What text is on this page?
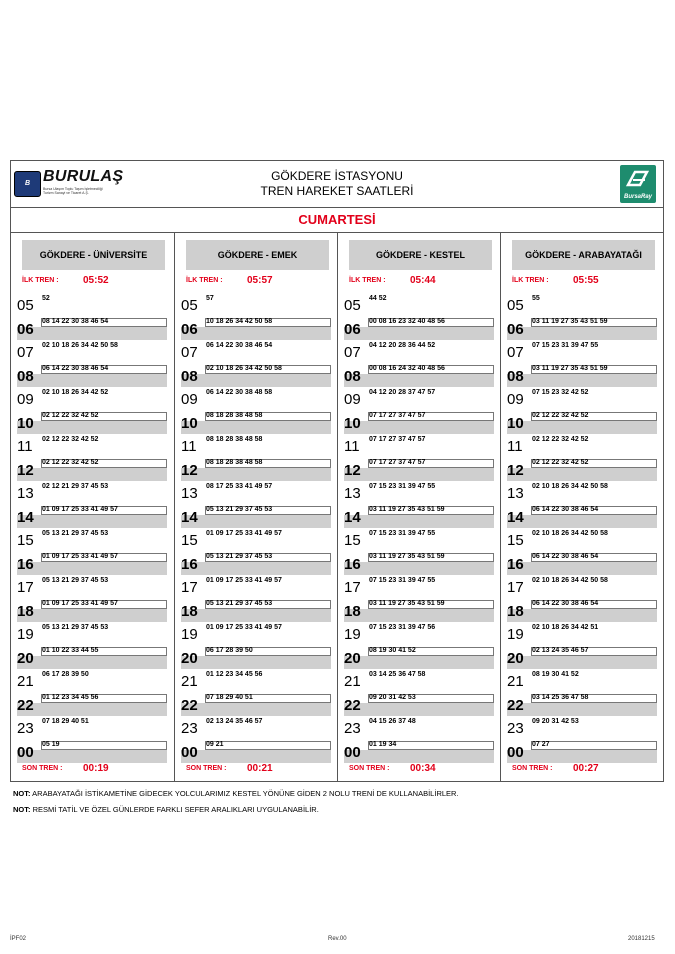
B BURULAŞ
Bursa Ulaşım Toplu Taşım İşletmeciliği Turizm Sanayi ve Ticaret A.Ş.
GÖKDERE İSTASYONU
TREN HAREKET SAATLERİ	BursaRay
CUMARTESİ
GÖKDERE - ÜNİVERSİTE
İLK TREN : 05:52
05	52
06	08 14 22 30 38 46 54
07	02 10 18 26 34 42 50 58
08	06 14 22 30 38 46 54
09	02 10 18 26 34 42 52
10	02 12 22 32 42 52
11	02 12 22 32 42 52
12	02 12 22 32 42 52
13	02 12 21 29 37 45 53
14	01 09 17 25 33 41 49 57
15	05 13 21 29 37 45 53
16	01 09 17 25 33 41 49 57
17	05 13 21 29 37 45 53
18	01 09 17 25 33 41 49 57
19	05 13 21 29 37 45 53
20	01 10 22 33 44 55
21	06 17 28 39 50
22	01 12 23 34 45 56
23	07 18 29 40 51
00	05 19
SON TREN : 00:19
GÖKDERE - EMEK
İLK TREN : 05:57
05	57
06	10 18 26 34 42 50 58
07	06 14 22 30 38 46 54
08	02 10 18 26 34 42 50 58
09	06 14 22 30 38 48 58
10	08 18 28 38 48 58
11	08 18 28 38 48 58
12	08 18 28 38 48 58
13	08 17 25 33 41 49 57
14	05 13 21 29 37 45 53
15	01 09 17 25 33 41 49 57
16	05 13 21 29 37 45 53
17	01 09 17 25 33 41 49 57
18	05 13 21 29 37 45 53
19	01 09 17 25 33 41 49 57
20	06 17 28 39 50
21	01 12 23 34 45 56
22	07 18 29 40 51
23	02 13 24 35 46 57
00	09 21
SON TREN : 00:21
GÖKDERE - KESTEL
İLK TREN : 05:44
05	44 52
06	00 08 16 23 32 40 48 56
07	04 12 20 28 36 44 52
08	00 08 16 24 32 40 48 56
09	04 12 20 28 37 47 57
10	07 17 27 37 47 57
11	07 17 27 37 47 57
12	07 17 27 37 47 57
13	07 15 23 31 39 47 55
14	03 11 19 27 35 43 51 59
15	07 15 23 31 39 47 55
16	03 11 19 27 35 43 51 59
17	07 15 23 31 39 47 55
18	03 11 19 27 35 43 51 59
19	07 15 23 31 39 47 56
20	08 19 30 41 52
21	03 14 25 36 47 58
22	09 20 31 42 53
23	04 15 26 37 48
00	01 19 34
SON TREN : 00:34
GÖKDERE - ARABAYATAĞI
İLK TREN : 05:55
05	55
06	03 11 19 27 35 43 51 59
07	07 15 23 31 39 47 55
08	03 11 19 27 35 43 51 59
09	07 15 23 32 42 52
10	02 12 22 32 42 52
11	02 12 22 32 42 52
12	02 12 22 32 42 52
13	02 10 18 26 34 42 50 58
14	06 14 22 30 38 46 54
15	02 10 18 26 34 42 50 58
16	06 14 22 30 38 46 54
17	02 10 18 26 34 42 50 58
18	06 14 22 30 38 46 54
19	02 10 18 26 34 42 51
20	02 13 24 35 46 57
21	08 19 30 41 52
22	03 14 25 36 47 58
23	09 20 31 42 53
00	07 27
SON TREN : 00:27
NOT: ARABAYATAĞI İSTİKAMETİNE GİDECEK YOLCULARIMIZ KESTEL YÖNÜNE GİDEN 2 NOLU TRENİ DE KULLANABİLİRLER.
NOT: RESMİ TATİL VE ÖZEL GÜNLERDE FARKLI SEFER ARALIKLARI UYGULANABİLİR.
İPF02	Rev.00	20181215
